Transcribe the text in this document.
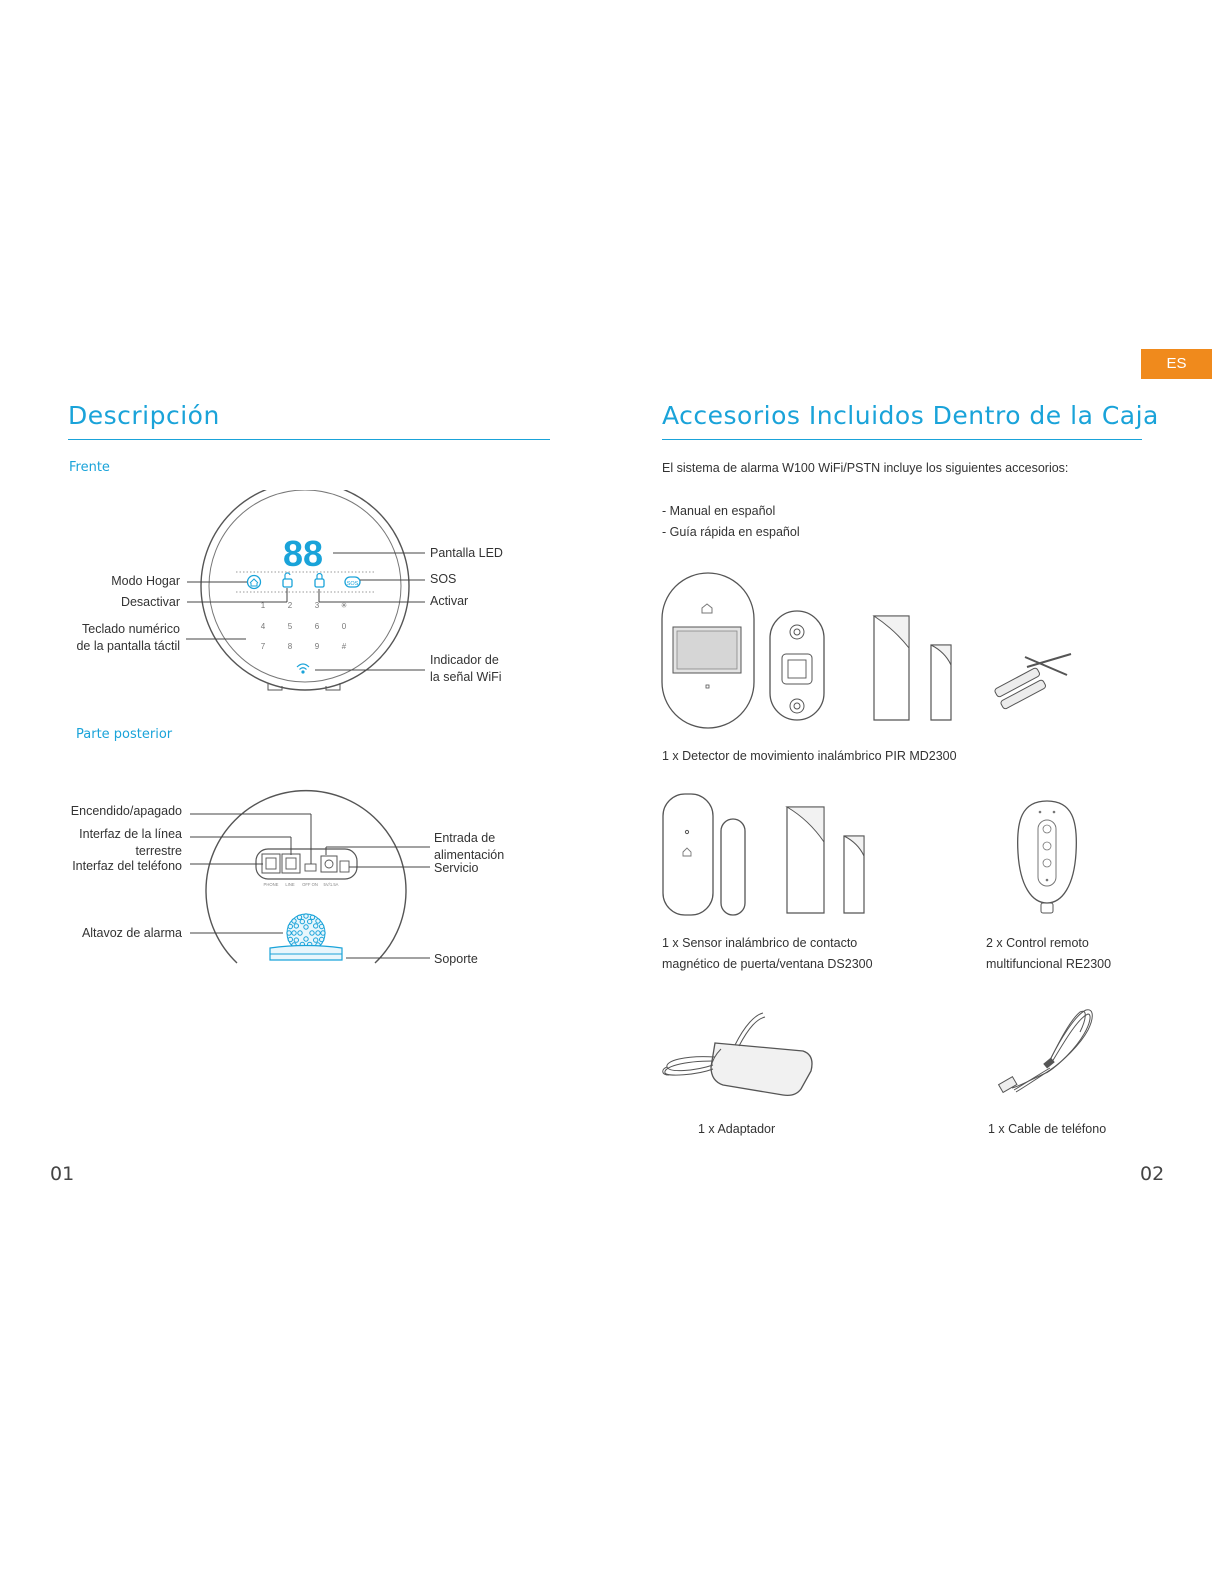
ES
Descripción
Frente
88
SOS
1	2	3	✳
4	5	6	0
7	8	9	#
Pantalla LED
Modo Hogar	SOS
Desactivar	Activar
Teclado numérico
de la pantalla táctil
Indicador de
la señal WiFi
Parte posterior
PHONE LINE OFF ON 5V/1.5A
Encendido/apagado
Interfaz de la línea
terrestre
Interfaz del teléfono
Entrada de
alimentación
Servicio
Altavoz de alarma
Soporte
01
Accesorios Incluidos Dentro de la Caja
El sistema de alarma W100 WiFi/PSTN incluye los siguientes accesorios:
- Manual en español
- Guía rápida en español
1 x Detector de movimiento inalámbrico PIR MD2300
1 x Sensor inalámbrico de contacto
magnético de puerta/ventana DS2300
2 x Control remoto
multifuncional RE2300
1 x Adaptador	1 x Cable de teléfono
02
